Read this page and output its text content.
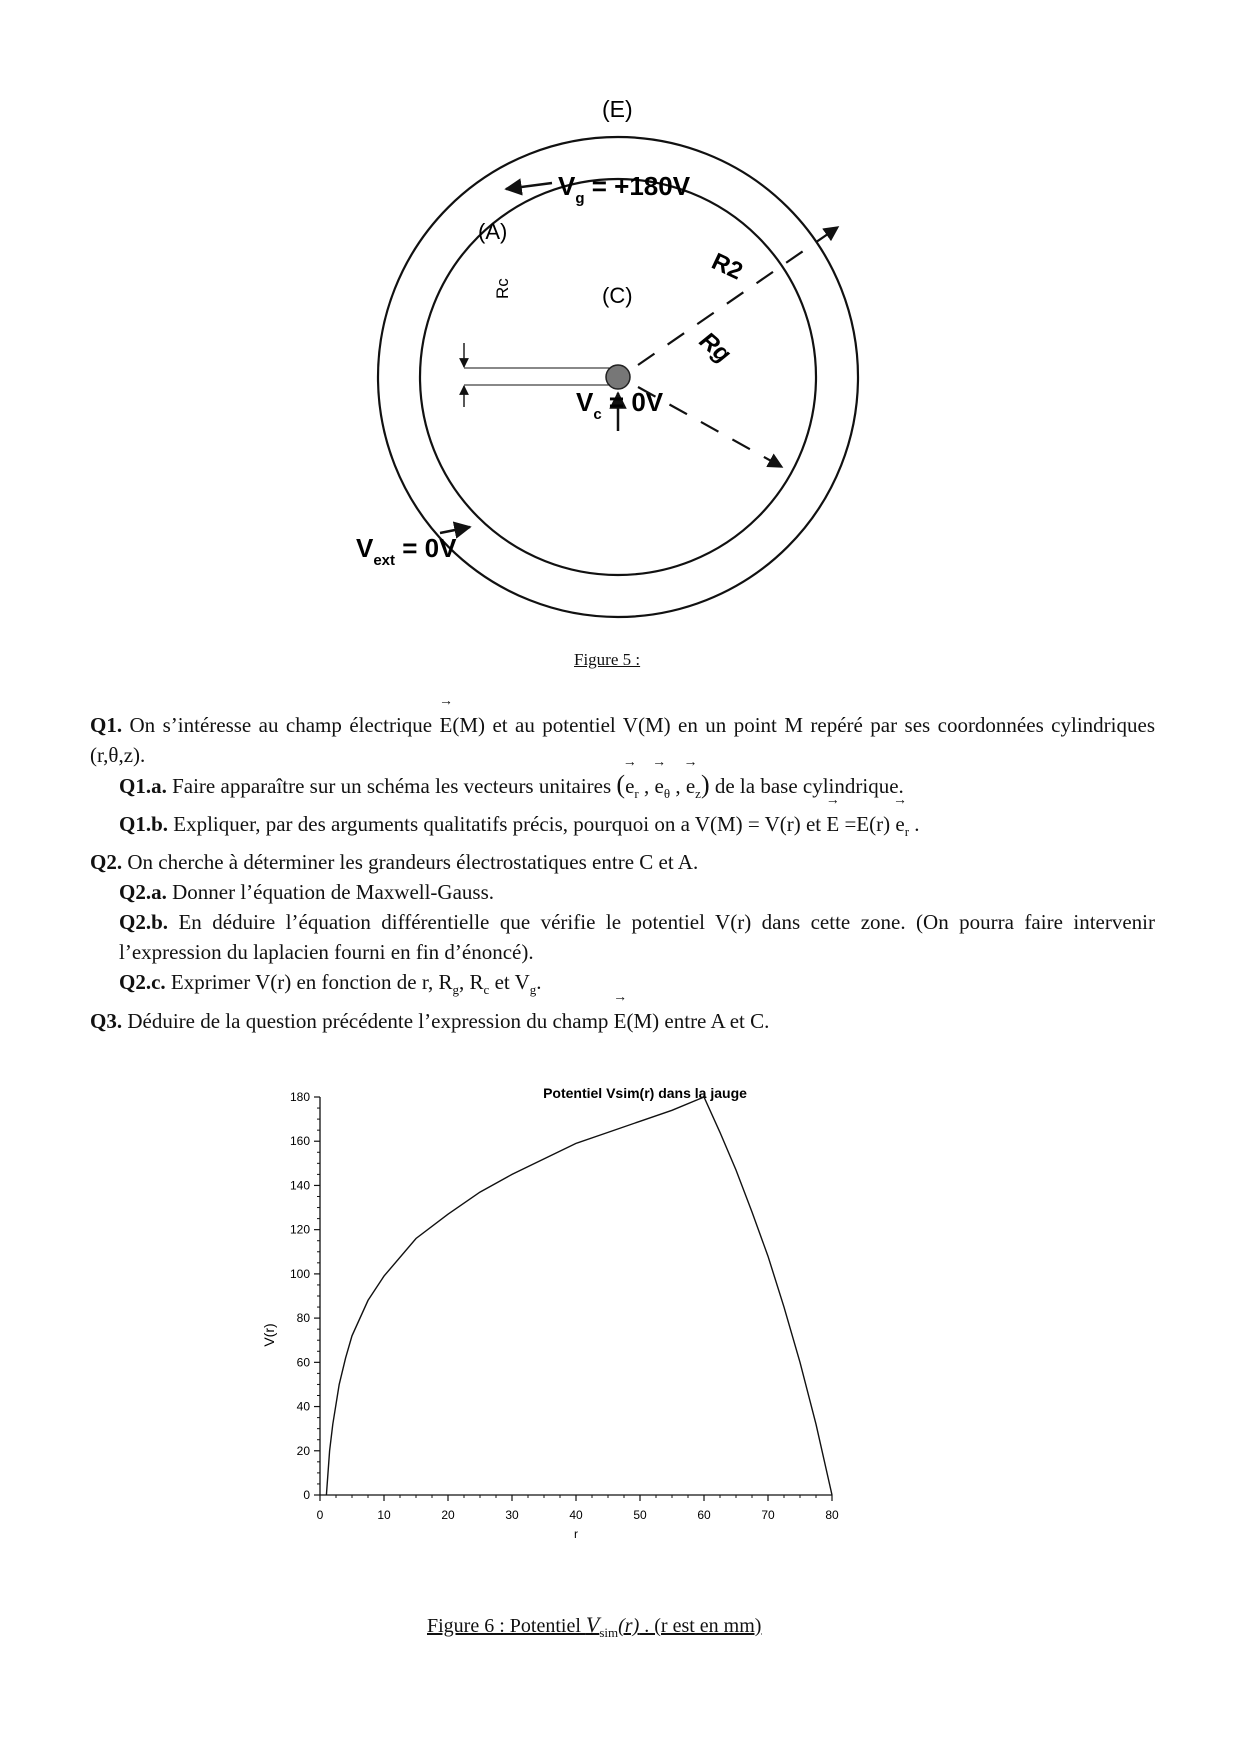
(E)
(A)
(C)
$V_g = +180V$
Rc
$V_c = 0V$
R2
Rg
$V_{ext} = 0V$
Figure 5 :

Q1. On s’intéresse au champ électrique → E(M) et au potentiel V(M) en un point M repéré par ses coordonnées cylindriques (r,θ,z).

Q1.a. Faire apparaître sur un schéma les vecteurs unitaires (→ $e_r$ , → $e_\theta$ , → $e_z$) de la base cylindrique.

Q1.b. Expliquer, par des arguments qualitatifs précis, pourquoi on a V(M) = V(r) et → $E =E(r) \to e_r$ .

Q2. On cherche à déterminer les grandeurs électrostatiques entre C et A.

Q2.a. Donner l’équation de Maxwell-Gauss.

Q2.b. En déduire l’équation différentielle que vérifie le potentiel V(r) dans cette zone. (On pourra faire intervenir l’expression du laplacien fourni en fin d’énoncé).

Q2.c. Exprimer V(r) en fonction de r, $R_g$, $R_c$ et $V_g$.

Q3. Déduire de la question précédente l’expression du champ → E(M) entre A et C.

Potentiel Vsim(r) dans la jauge
0
20
40
60
80
100
120
140
160
180
0	10	20	30	40	50	60	70	80
V(r)
r
Figure 6 : Potentiel $V_{sim}(r)$ . (r est en mm)
